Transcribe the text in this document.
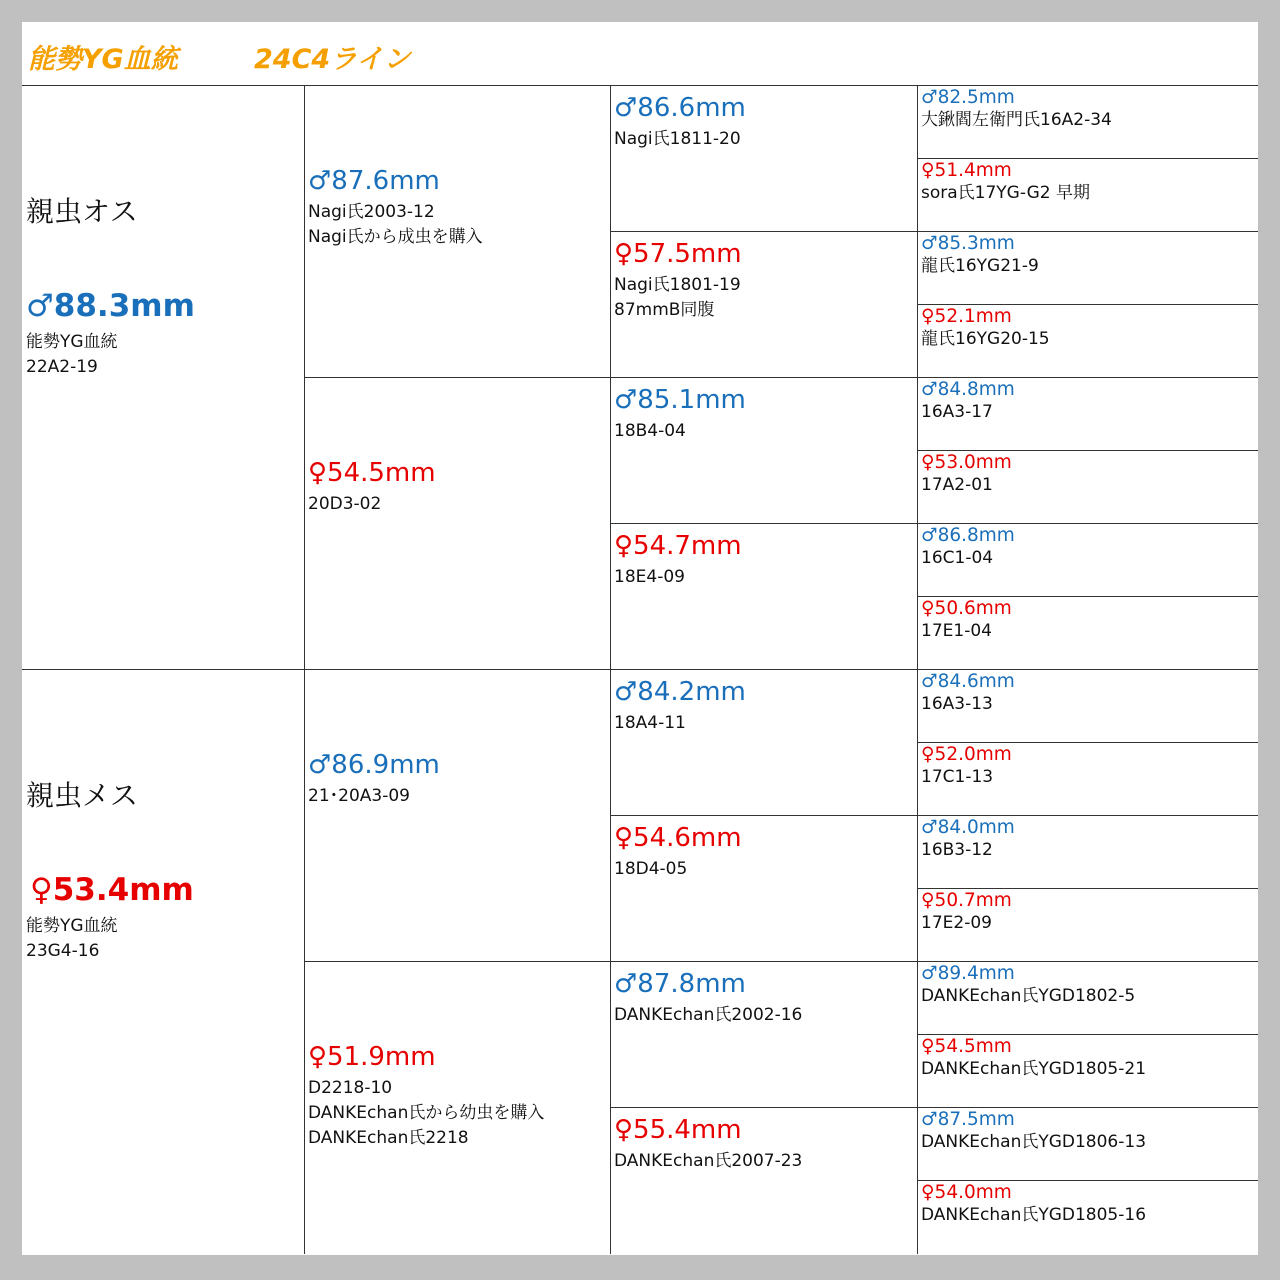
能勢YG血統	24C4ライン
親虫オス
♂88.3mm
能勢YG血統
22A2-19
親虫メス
♀53.4mm
能勢YG血統
23G4-16
♂87.6mm
Nagi氏2003-12
Nagi氏から成虫を購入
♀54.5mm
20D3-02
♂86.9mm
21･20A3-09
♀51.9mm
D2218-10
DANKEchan氏から幼虫を購入
DANKEchan氏2218
♂86.6mm
Nagi氏1811-20
♀57.5mm
Nagi氏1801-19
87mmB同腹
♂85.1mm
18B4-04
♀54.7mm
18E4-09
♂84.2mm
18A4-11
♀54.6mm
18D4-05
♂87.8mm
DANKEchan氏2002-16
♀55.4mm
DANKEchan氏2007-23
♂82.5mm
大鍬閻左衛門氏16A2-34
♀51.4mm
sora氏17YG-G2 早期
♂85.3mm
龍氏16YG21-9
♀52.1mm
龍氏16YG20-15
♂84.8mm
16A3-17
♀53.0mm
17A2-01
♂86.8mm
16C1-04
♀50.6mm
17E1-04
♂84.6mm
16A3-13
♀52.0mm
17C1-13
♂84.0mm
16B3-12
♀50.7mm
17E2-09
♂89.4mm
DANKEchan氏YGD1802-5
♀54.5mm
DANKEchan氏YGD1805-21
♂87.5mm
DANKEchan氏YGD1806-13
♀54.0mm
DANKEchan氏YGD1805-16
